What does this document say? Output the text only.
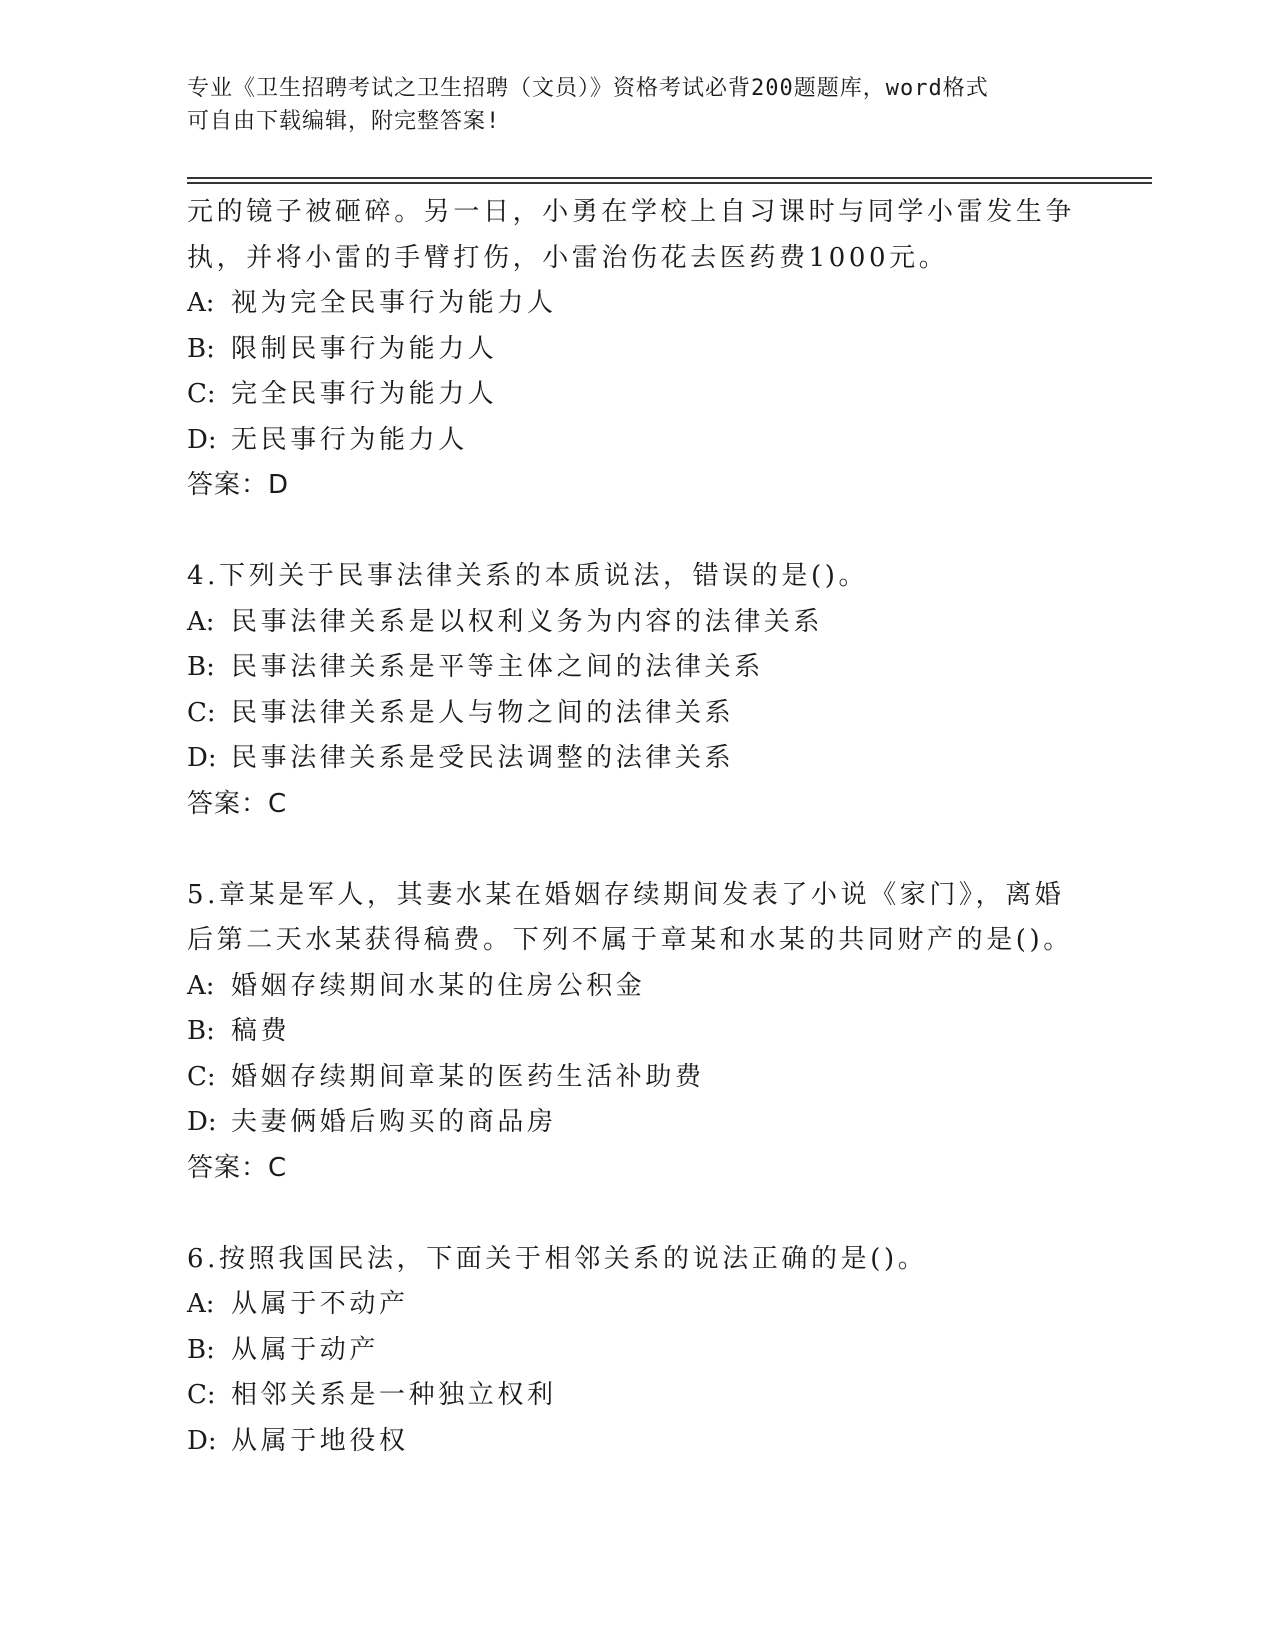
专业《卫生招聘考试之卫生招聘（文员）》资格考试必背200题题库，word格式
可自由下载编辑，附完整答案!
元的镜子被砸碎。另一日，小勇在学校上自习课时与同学小雷发生争
执，并将小雷的手臂打伤，小雷治伤花去医药费1000元。
A: 视为完全民事行为能力人
B: 限制民事行为能力人
C: 完全民事行为能力人
D: 无民事行为能力人
答案：D
4.下列关于民事法律关系的本质说法，错误的是()。
A: 民事法律关系是以权利义务为内容的法律关系
B: 民事法律关系是平等主体之间的法律关系
C: 民事法律关系是人与物之间的法律关系
D: 民事法律关系是受民法调整的法律关系
答案：C
5.章某是军人，其妻水某在婚姻存续期间发表了小说《家门》，离婚
后第二天水某获得稿费。下列不属于章某和水某的共同财产的是()。
A: 婚姻存续期间水某的住房公积金
B: 稿费
C: 婚姻存续期间章某的医药生活补助费
D: 夫妻俩婚后购买的商品房
答案：C
6.按照我国民法，下面关于相邻关系的说法正确的是()。
A: 从属于不动产
B: 从属于动产
C: 相邻关系是一种独立权利
D: 从属于地役权
